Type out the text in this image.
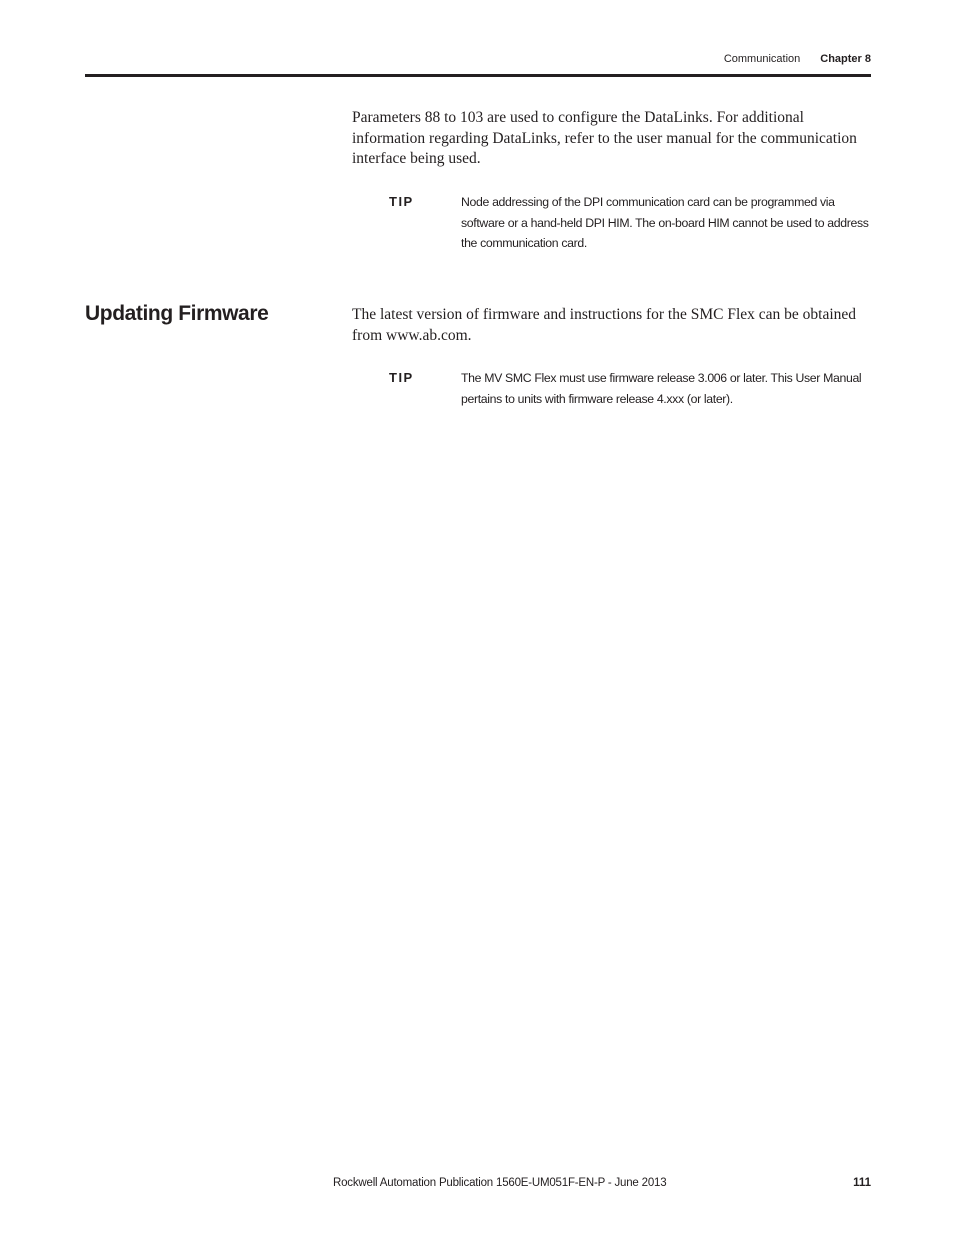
Communication Chapter 8

Parameters 88 to 103 are used to configure the DataLinks. For additional information regarding DataLinks, refer to the user manual for the communication interface being used.

TIP	Node addressing of the DPI communication card can be programmed via software or a hand-held DPI HIM. The on-board HIM cannot be used to address the communication card.
Updating Firmware	The latest version of firmware and instructions for the SMC Flex can be obtained from www.ab.com.

TIP	The MV SMC Flex must use firmware release 3.006 or later. This User Manual pertains to units with firmware release 4.xxx (or later).
Rockwell Automation Publication 1560E-UM051F-EN-P - June 2013	111
